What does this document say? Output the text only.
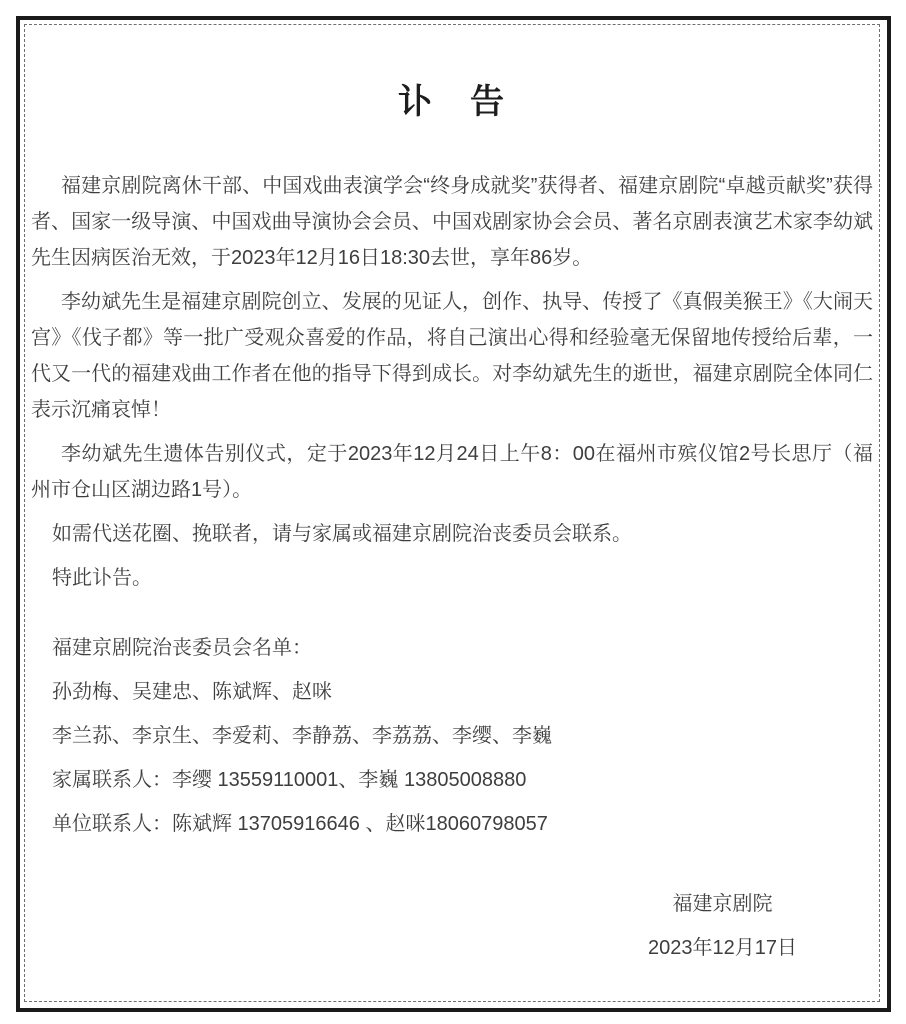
讣　告

福建京剧院离休干部、中国戏曲表演学会“终身成就奖”获得者、福建京剧院“卓越贡献奖”获得者、国家一级导演、中国戏曲导演协会会员、中国戏剧家协会会员、著名京剧表演艺术家李幼斌先生因病医治无效，于2023年12月16日18:30去世，享年86岁。

李幼斌先生是福建京剧院创立、发展的见证人，创作、执导、传授了《真假美猴王》《大闹天宫》《伐子都》等一批广受观众喜爱的作品，将自己演出心得和经验毫无保留地传授给后辈，一代又一代的福建戏曲工作者在他的指导下得到成长。对李幼斌先生的逝世，福建京剧院全体同仁表示沉痛哀悼！

李幼斌先生遗体告别仪式，定于2023年12月24日上午8：00在福州市殡仪馆2号长思厅（福州市仓山区湖边路1号）。

如需代送花圈、挽联者，请与家属或福建京剧院治丧委员会联系。

特此讣告。

福建京剧院治丧委员会名单：

孙劲梅、吴建忠、陈斌辉、赵咪

李兰荪、李京生、李爱莉、李静荔、李荔荔、李缨、李巍

家属联系人：李缨 13559110001、李巍 13805008880

单位联系人：陈斌辉 13705916646 、赵咪18060798057

福建京剧院

2023年12月17日
